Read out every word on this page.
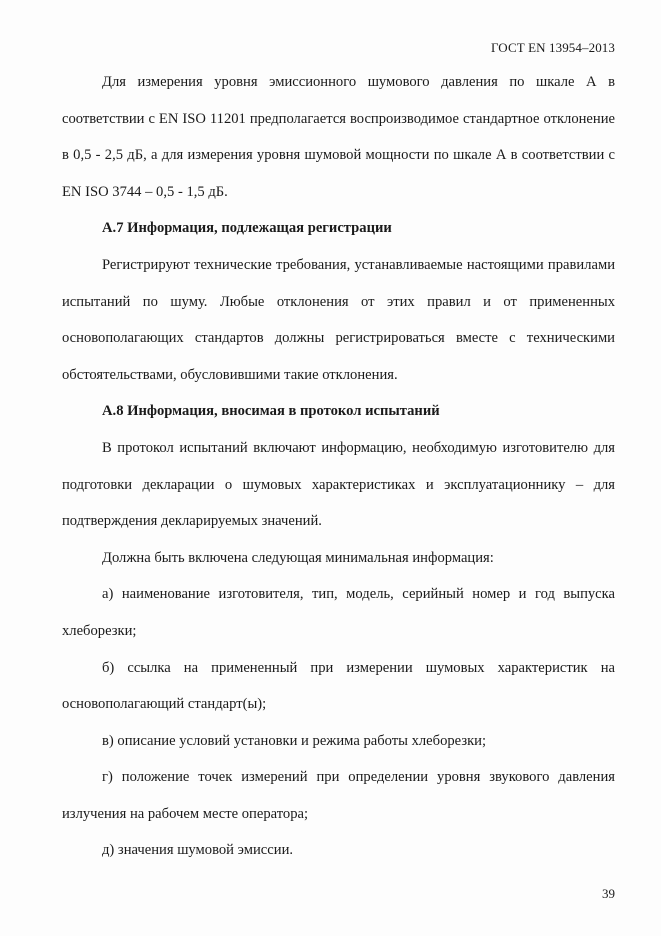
ГОСТ EN 13954–2013

Для измерения уровня эмиссионного шумового давления по шкале А в соответствии с EN ISO 11201 предполагается воспроизводимое стандартное отклонение в 0,5 - 2,5 дБ, а для измерения уровня шумовой мощности по шкале А в соответствии с EN ISO 3744 – 0,5 - 1,5 дБ.

А.7 Информация, подлежащая регистрации

Регистрируют технические требования, устанавливаемые настоящими правилами испытаний по шуму. Любые отклонения от этих правил и от примененных основополагающих стандартов должны регистрироваться вместе с техническими обстоятельствами, обусловившими такие отклонения.

А.8 Информация, вносимая в протокол испытаний

В протокол испытаний включают информацию, необходимую изготовителю для подготовки декларации о шумовых характеристиках и эксплуатационнику – для подтверждения декларируемых значений.

Должна быть включена следующая минимальная информация:

а) наименование изготовителя, тип, модель, серийный номер и год выпуска хлеборезки;

б) ссылка на примененный при измерении шумовых характеристик на основополагающий стандарт(ы);

в) описание условий установки и режима работы хлеборезки;

г) положение точек измерений при определении уровня звукового давления излучения на рабочем месте оператора;

д) значения шумовой эмиссии.

39
